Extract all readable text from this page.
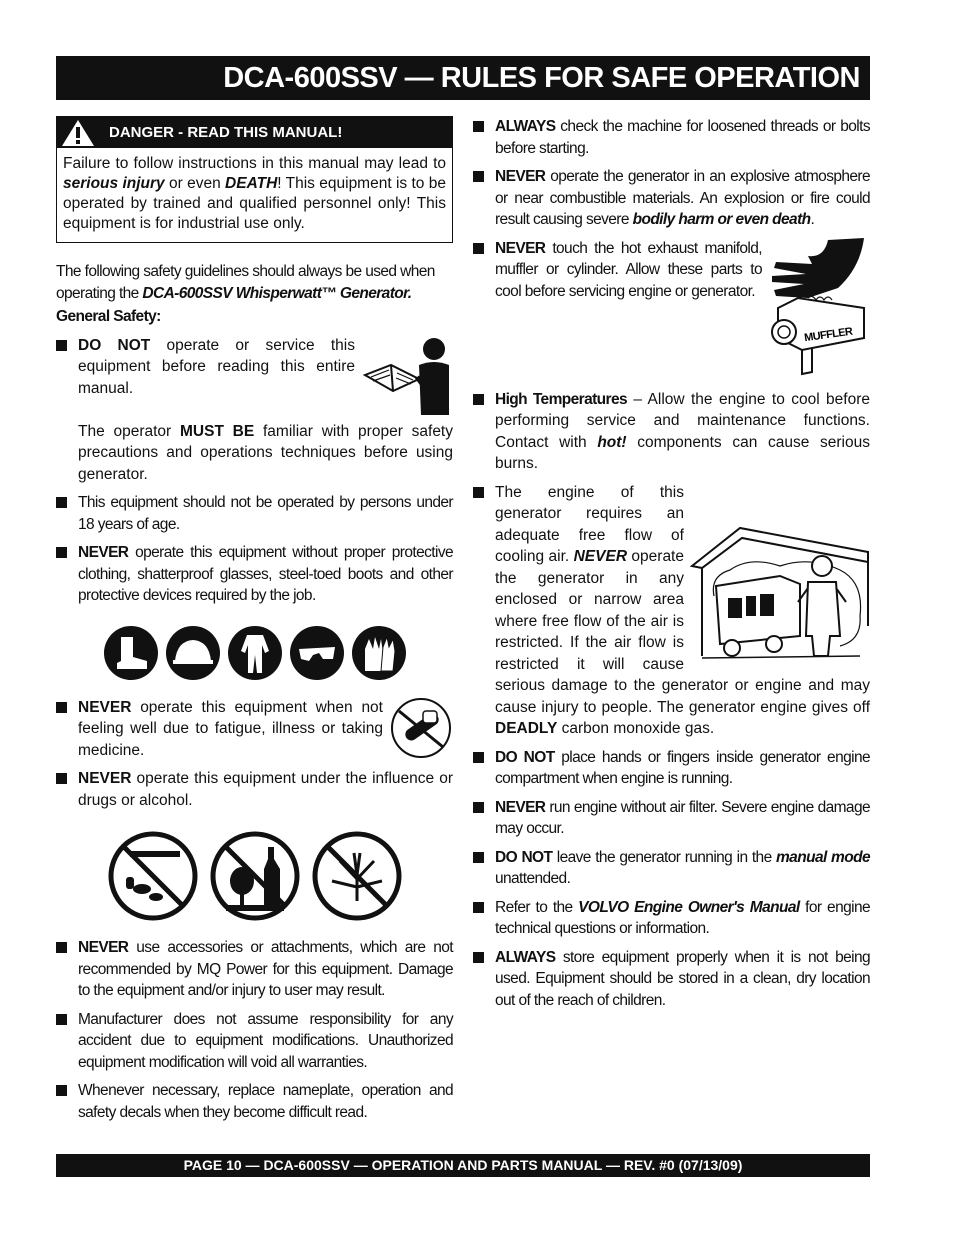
DCA-600SSV — RULES FOR SAFE OPERATION
DANGER - READ THIS MANUAL!
Failure to follow instructions in this manual may lead to serious injury or even DEATH! This equipment is to be operated by trained and qualified personnel only! This equipment is for industrial use only.

The following safety guidelines should always be used when operating the DCA-600SSV Whisperwatt™ Generator.

General Safety:

DO NOT operate or service this equipment before reading this entire manual.

The operator MUST BE familiar with proper safety precautions and operations techniques before using generator.

This equipment should not be operated by persons under 18 years of age.
NEVER operate this equipment without proper protective clothing, shatterproof glasses, steel-toed boots and other protective devices required by the job.
NEVER operate this equipment when not feeling well due to fatigue, illness or taking medicine.
NEVER operate this equipment under the influence or drugs or alcohol.
NEVER use accessories or attachments, which are not recommended by MQ Power for this equipment. Damage to the equipment and/or injury to user may result.
Manufacturer does not assume responsibility for any accident due to equipment modifications. Unauthorized equipment modification will void all warranties.
Whenever necessary, replace nameplate, operation and safety decals when they become difficult read.
ALWAYS check the machine for loosened threads or bolts before starting.
NEVER operate the generator in an explosive atmosphere or near combustible materials. An explosion or fire could result causing severe bodily harm or even death.
MUFFLER
NEVER touch the hot exhaust manifold, muffler or cylinder. Allow these parts to cool before servicing engine or generator.
High Temperatures – Allow the engine to cool before performing service and maintenance functions. Contact with hot! components can cause serious burns.
The engine of this generator requires an adequate free flow of cooling air. NEVER operate the generator in any enclosed or narrow area where free flow of the air is restricted. If the air flow is restricted it will cause serious damage to the generator or engine and may cause injury to people. The generator engine gives off DEADLY carbon monoxide gas.
DO NOT place hands or fingers inside generator engine compartment when engine is running.
NEVER run engine without air filter. Severe engine damage may occur.
DO NOT leave the generator running in the manual mode unattended.
Refer to the VOLVO Engine Owner's Manual for engine technical questions or information.
ALWAYS store equipment properly when it is not being used. Equipment should be stored in a clean, dry location out of the reach of children.
PAGE 10 — DCA-600SSV — OPERATION AND PARTS MANUAL — REV. #0 (07/13/09)
